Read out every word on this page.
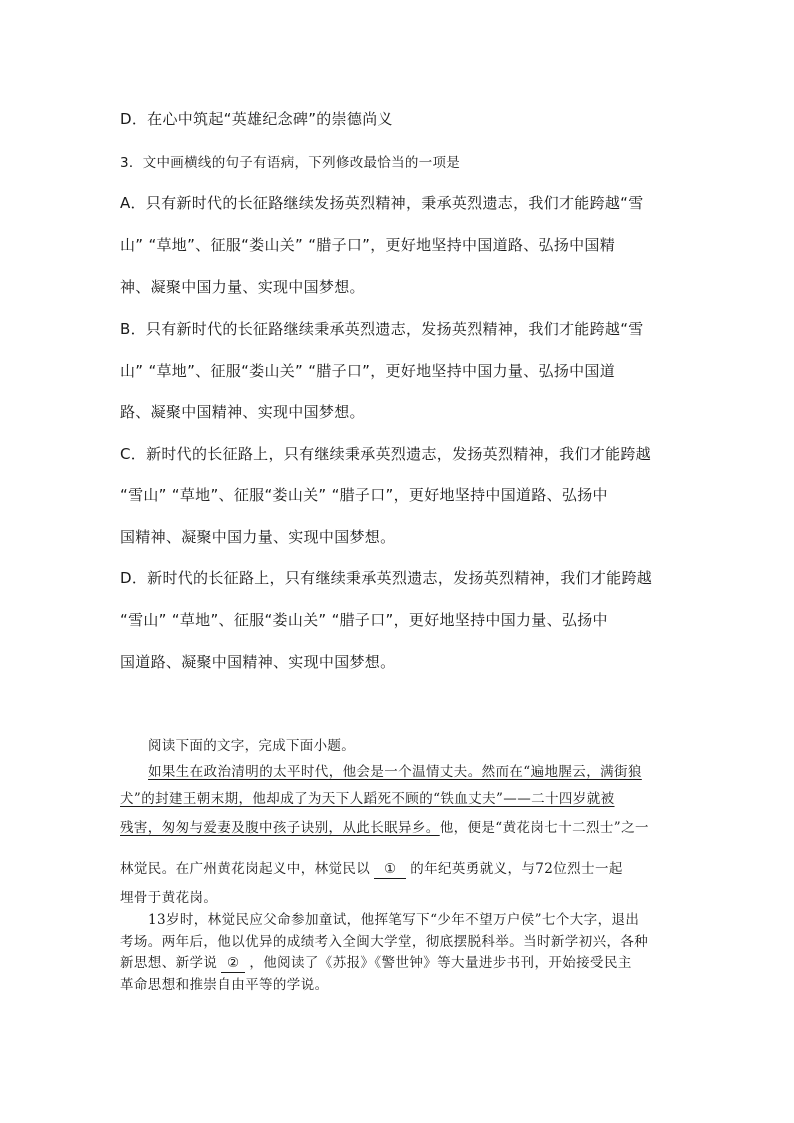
D．在心中筑起“英雄纪念碑”的崇德尚义
3．文中画横线的句子有语病，下列修改最恰当的一项是
A．只有新时代的长征路继续发扬英烈精神，秉承英烈遗志，我们才能跨越“雪
山” “草地”、征服“娄山关” “腊子口”，更好地坚持中国道路、弘扬中国精
神、凝聚中国力量、实现中国梦想。
B．只有新时代的长征路继续秉承英烈遗志，发扬英烈精神，我们才能跨越“雪
山” “草地”、征服“娄山关” “腊子口”，更好地坚持中国力量、弘扬中国道
路、凝聚中国精神、实现中国梦想。
C．新时代的长征路上，只有继续秉承英烈遗志，发扬英烈精神，我们才能跨越
“雪山” “草地”、征服“娄山关” “腊子口”，更好地坚持中国道路、弘扬中
国精神、凝聚中国力量、实现中国梦想。
D．新时代的长征路上，只有继续秉承英烈遗志，发扬英烈精神，我们才能跨越
“雪山” “草地”、征服“娄山关” “腊子口”，更好地坚持中国力量、弘扬中
国道路、凝聚中国精神、实现中国梦想。
阅读下面的文字，完成下面小题。
如果生在政治清明的太平时代，他会是一个温情丈夫。然而在“遍地腥云，满街狼
犬”的封建王朝末期，他却成了为天下人蹈死不顾的“铁血丈夫”——二十四岁就被
残害，匆匆与爱妻及腹中孩子诀别，从此长眠异乡。他，便是“黄花岗七十二烈士”之一
林觉民。在广州黄花岗起义中，林觉民以 ① 的年纪英勇就义，与72位烈士一起
埋骨于黄花岗。
13岁时，林觉民应父命参加童试，他挥笔写下“少年不望万户侯”七个大字，退出
考场。两年后，他以优异的成绩考入全闽大学堂，彻底摆脱科举。当时新学初兴，各种
新思想、新学说 ② ，他阅读了《苏报》《警世钟》等大量进步书刊，开始接受民主
革命思想和推崇自由平等的学说。
